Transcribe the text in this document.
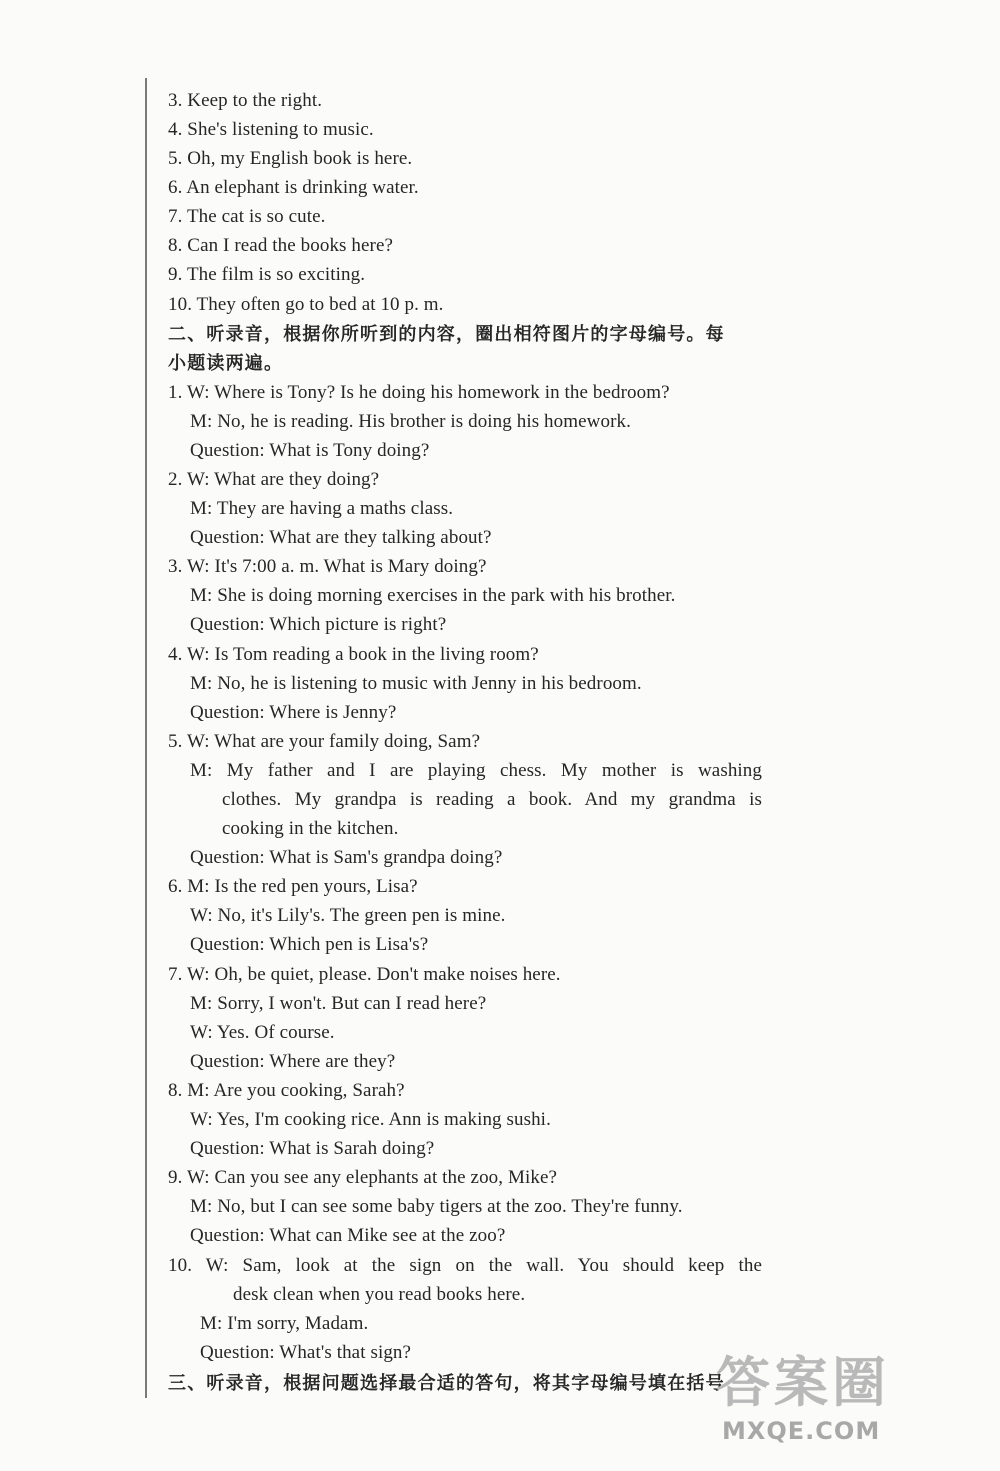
3. Keep to the right.
4. She's listening to music.
5. Oh, my English book is here.
6. An elephant is drinking water.
7. The cat is so cute.
8. Can I read the books here?
9. The film is so exciting.
10. They often go to bed at 10 p. m.
二、听录音，根据你所听到的内容，圈出相符图片的字母编号。每
小题读两遍。
1. W: Where is Tony? Is he doing his homework in the bedroom?
M: No, he is reading. His brother is doing his homework.
Question: What is Tony doing?
2. W: What are they doing?
M: They are having a maths class.
Question: What are they talking about?
3. W: It's 7:00 a. m. What is Mary doing?
M: She is doing morning exercises in the park with his brother.
Question: Which picture is right?
4. W: Is Tom reading a book in the living room?
M: No, he is listening to music with Jenny in his bedroom.
Question: Where is Jenny?
5. W: What are your family doing, Sam?
M: My father and I are playing chess. My mother is washing
clothes. My grandpa is reading a book. And my grandma is
cooking in the kitchen.
Question: What is Sam's grandpa doing?
6. M: Is the red pen yours, Lisa?
W: No, it's Lily's. The green pen is mine.
Question: Which pen is Lisa's?
7. W: Oh, be quiet, please. Don't make noises here.
M: Sorry, I won't. But can I read here?
W: Yes. Of course.
Question: Where are they?
8. M: Are you cooking, Sarah?
W: Yes, I'm cooking rice. Ann is making sushi.
Question: What is Sarah doing?
9. W: Can you see any elephants at the zoo, Mike?
M: No, but I can see some baby tigers at the zoo. They're funny.
Question: What can Mike see at the zoo?
10. W: Sam, look at the sign on the wall. You should keep the
desk clean when you read books here.
M: I'm sorry, Madam.
Question: What's that sign?
三、听录音，根据问题选择最合适的答句，将其字母编号填在括号
答案圈
MXQE.COM
